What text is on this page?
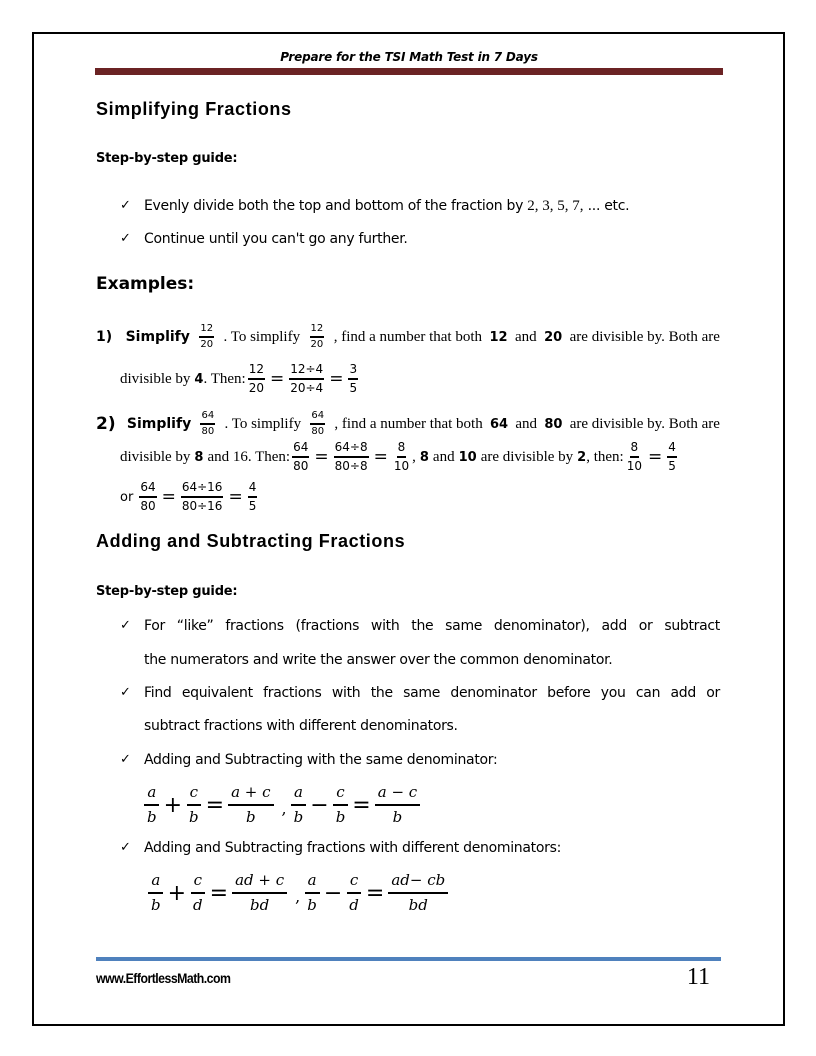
Prepare for the TSI Math Test in 7 Days
Simplifying Fractions
Step-by-step guide:
✓ Evenly divide both the top and bottom of the fraction by 2, 3, 5, 7, ... etc.
✓ Continue until you can't go any further.
Examples:
1) Simplify $\frac{12}{20}$ . To simplify $\frac{12}{20}$ , find a number that both 12 and 20 are divisible by. Both are
divisible by
4 . Then: $\frac{12}{20} = \frac{12\div 4}{20\div 4} = \frac{3}{5}$
2) Simplify $\frac{64}{80}$ . To simplify $\frac{64}{80}$ , find a number that both 64 and 80 are divisible by. Both are
divisible by
8
and 16. Then: $\frac{64}{80} = \frac{64\div 8}{80\div 8} = \frac{8}{10}$ ,
8
and
10
are divisible by
2 , then: $\frac{8}{10} = \frac{4}{5}$
or $\frac{64}{80} = \frac{64\div 16}{80\div 16} = \frac{4}{5}$
Adding and Subtracting Fractions
Step-by-step guide:
✓ For “like” fractions (fractions with the same denominator), add or subtract
the numerators and write the answer over the common denominator.
✓ Find equivalent fractions with the same denominator before you can add or
subtract fractions with different denominators.
✓ Adding and Subtracting with the same denominator:
$\frac{a}{b} + \frac{c}{b} = \frac{a + c}{b}$ , $\frac{a}{b} - \frac{c}{b} = \frac{a - c}{b}$
✓ Adding and Subtracting fractions with different denominators:
$\frac{a}{b} + \frac{c}{d} = \frac{ad + c}{bd}$ , $\frac{a}{b} - \frac{c}{d} = \frac{ad- cb}{bd}$
www.EffortlessMath.com	11
